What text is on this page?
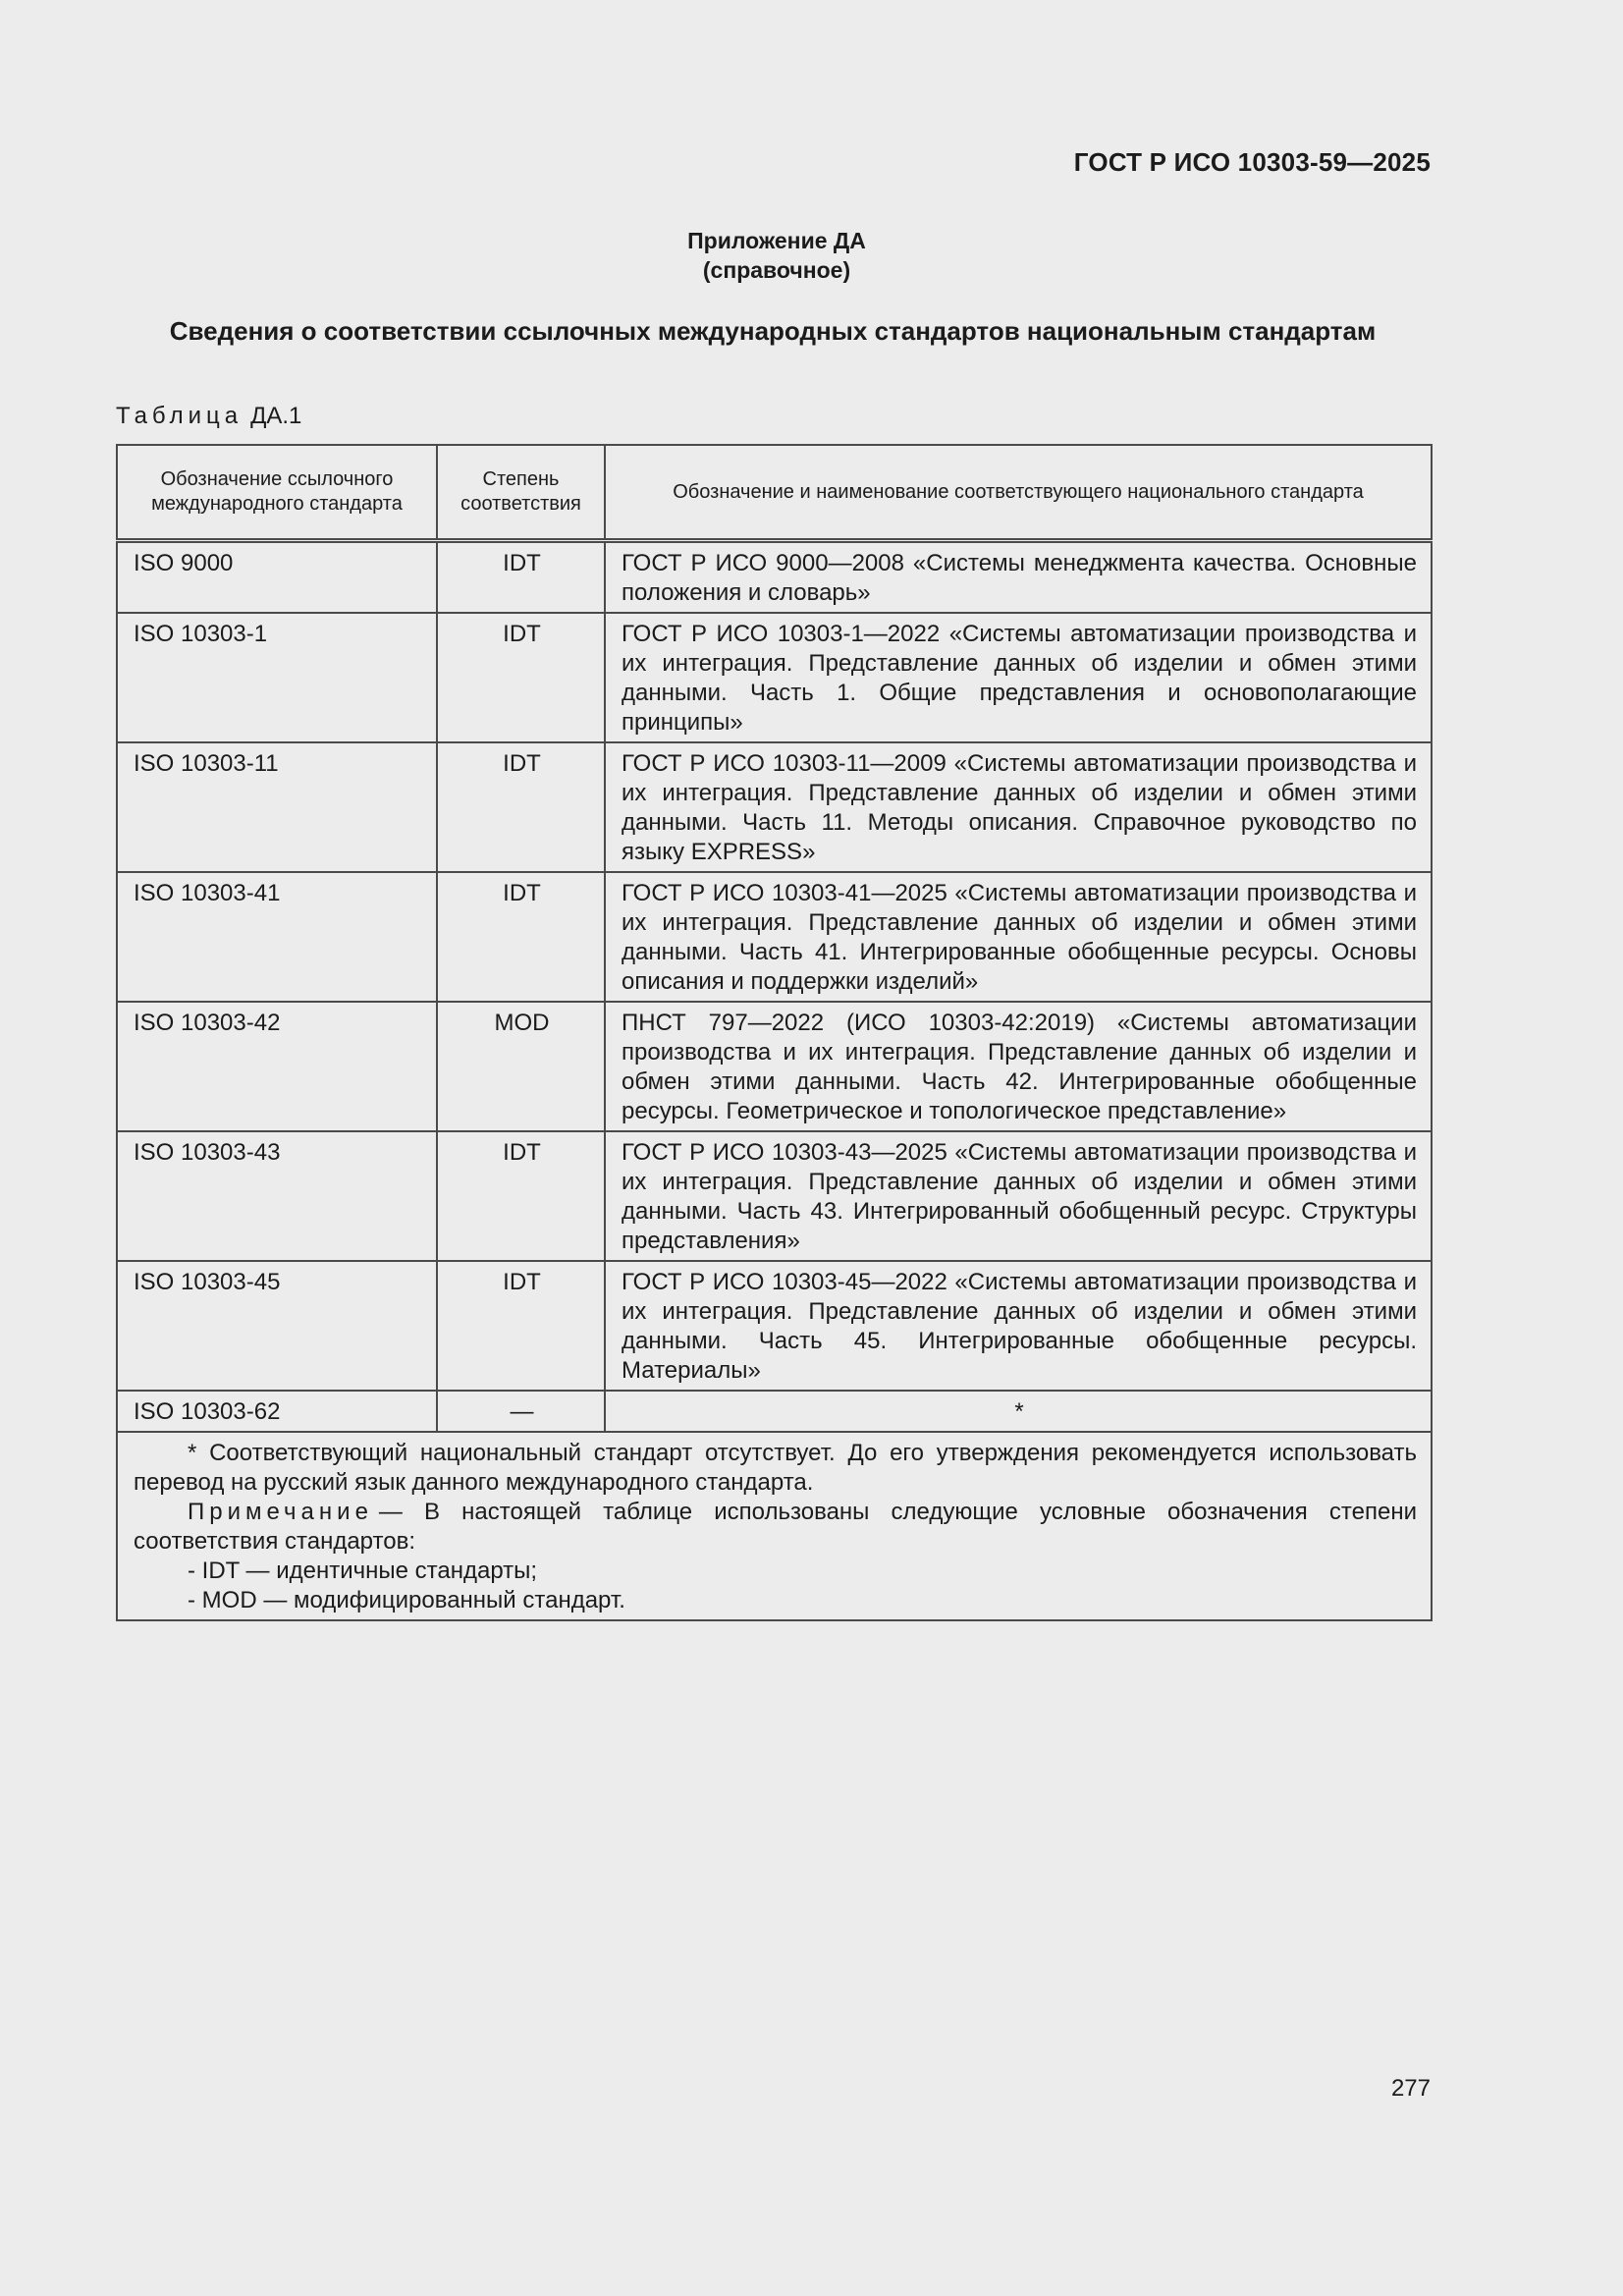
ГОСТ Р ИСО 10303-59—2025
Приложение ДА
(справочное)
Сведения о соответствии ссылочных международных стандартов национальным стандартам
Таблица ДА.1
Обозначение ссылочного международного стандарта	Степень соответствия	Обозначение и наименование соответствующего национального стандарта
ISO 9000	IDT	ГОСТ Р ИСО 9000—2008 «Системы менеджмента качества. Основные положения и словарь»
ISO 10303-1	IDT	ГОСТ Р ИСО 10303-1—2022 «Системы автоматизации производства и их интеграция. Представление данных об изделии и обмен этими данными. Часть 1. Общие представления и основополагающие принципы»
ISO 10303-11	IDT	ГОСТ Р ИСО 10303-11—2009 «Системы автоматизации производства и их интеграция. Представление данных об изделии и обмен этими данными. Часть 11. Методы описания. Справочное руководство по языку EXPRESS»
ISO 10303-41	IDT	ГОСТ Р ИСО 10303-41—2025 «Системы автоматизации производства и их интеграция. Представление данных об изделии и обмен этими данными. Часть 41. Интегрированные обобщенные ресурсы. Основы описания и поддержки изделий»
ISO 10303-42	MOD	ПНСТ 797—2022 (ИСО 10303-42:2019) «Системы автоматизации производства и их интеграция. Представление данных об изделии и обмен этими данными. Часть 42. Интегрированные обобщенные ресурсы. Геометрическое и топологическое представление»
ISO 10303-43	IDT	ГОСТ Р ИСО 10303-43—2025 «Системы автоматизации производства и их интеграция. Представление данных об изделии и обмен этими данными. Часть 43. Интегрированный обобщенный ресурс. Структуры представления»
ISO 10303-45	IDT	ГОСТ Р ИСО 10303-45—2022 «Системы автоматизации производства и их интеграция. Представление данных об изделии и обмен этими данными. Часть 45. Интегрированные обобщенные ресурсы. Материалы»
ISO 10303-62	—	*

* Соответствующий национальный стандарт отсутствует. До его утверждения рекомендуется использовать перевод на русский язык данного международного стандарта.

Примечание — В настоящей таблице использованы следующие условные обозначения степени соответствия стандартов:

- IDT — идентичные стандарты;

- MOD — модифицированный стандарт.		

277
